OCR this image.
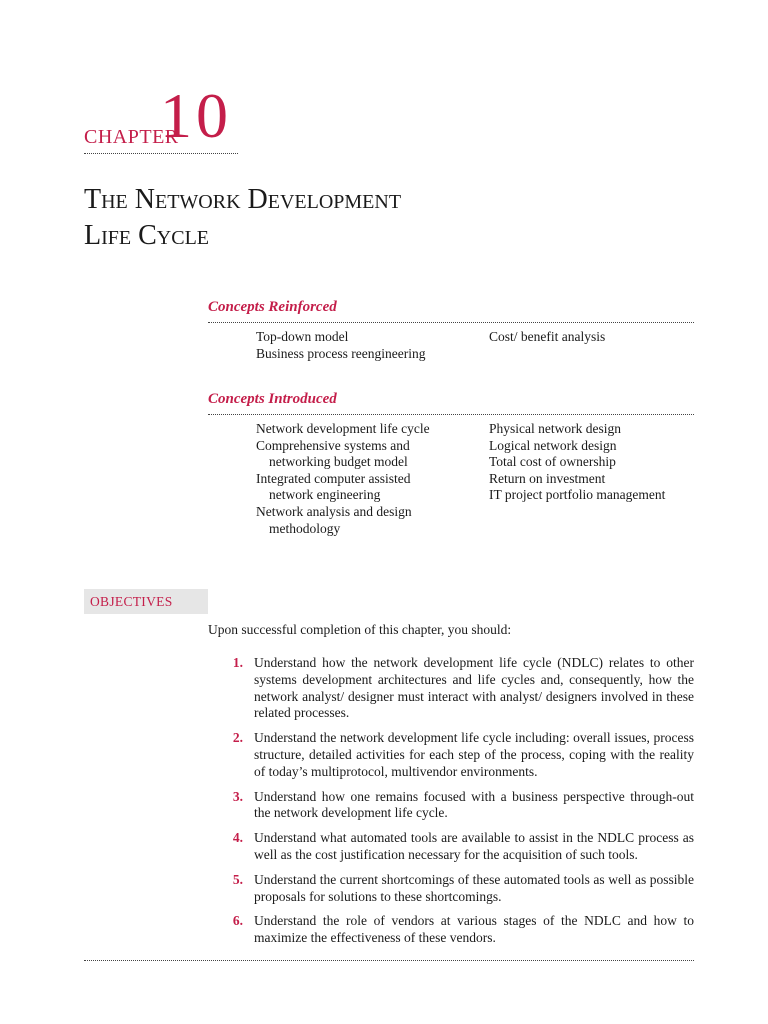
CHAPTER
10
The Network Development
Life Cycle
Concepts Reinforced
Top-down model
Business process reengineering
Cost/ benefit analysis
Concepts Introduced
Network development life cycle
Comprehensive systems and
networking budget model
Integrated computer assisted
network engineering
Network analysis and design
methodology
Physical network design
Logical network design
Total cost of ownership
Return on investment
IT project portfolio management
OBJECTIVES
Upon successful completion of this chapter, you should:
1. Understand how the network development life cycle (NDLC) relates to other systems development architectures and life cycles and, consequently, how the network analyst/ designer must interact with analyst/ designers involved in these related processes.
2. Understand the network development life cycle including: overall issues, process structure, detailed activities for each step of the process, coping with the reality of today’s multiprotocol, multivendor environments.
3. Understand how one remains focused with a business perspective through-out the network development life cycle.
4. Understand what automated tools are available to assist in the NDLC process as well as the cost justification necessary for the acquisition of such tools.
5. Understand the current shortcomings of these automated tools as well as possible proposals for solutions to these shortcomings.
6. Understand the role of vendors at various stages of the NDLC and how to maximize the effectiveness of these vendors.
